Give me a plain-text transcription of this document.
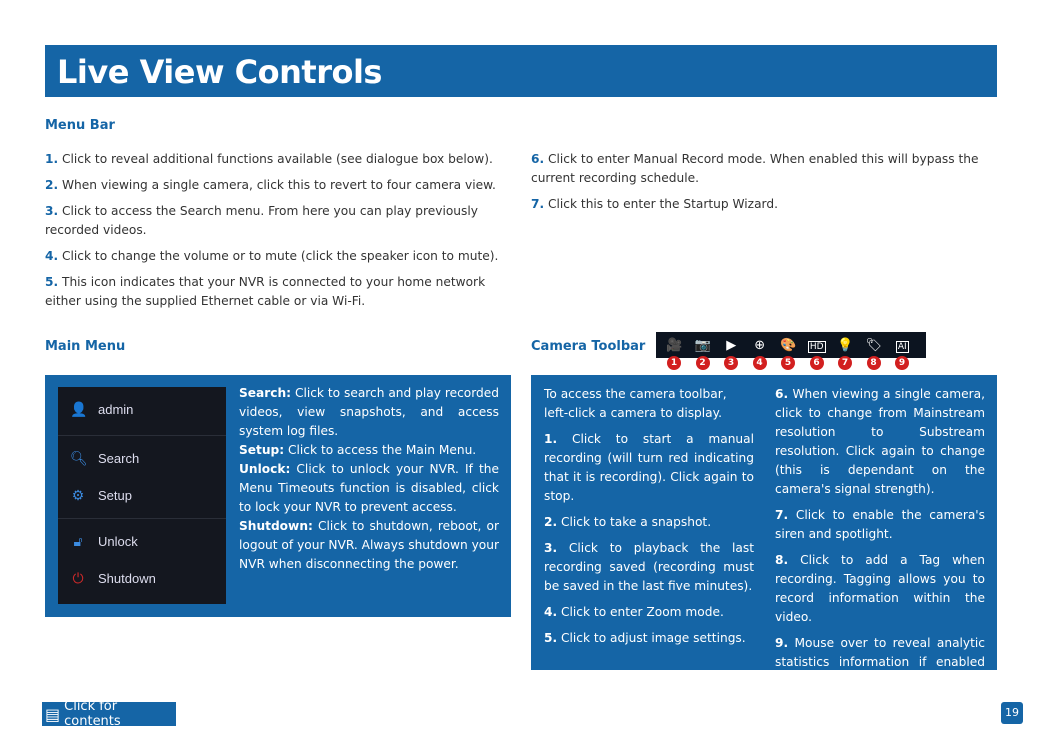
Live View Controls
Menu Bar
1. Click to reveal additional functions available (see dialogue box below).
2. When viewing a single camera, click this to revert to four camera view.
3. Click to access the Search menu. From here you can play previously recorded videos.
4. Click to change the volume or to mute (click the speaker icon to mute).
5. This icon indicates that your NVR is connected to your home network either using the supplied Ethernet cable or via Wi-Fi.
6. Click to enter Manual Record mode. When enabled this will bypass the current recording schedule.
7. Click this to enter the Startup Wizard.
Main Menu
👤 admin
🔍︎ Search
⚙ Setup
🔓︎ Unlock
⏻ Shutdown
Search: Click to search and play recorded videos, view snapshots, and access system log files.
Setup: Click to access the Main Menu.
Unlock: Click to unlock your NVR. If the Menu Timeouts function is disabled, click to lock your NVR to prevent access.
Shutdown: Click to shutdown, reboot, or logout of your NVR. Always shutdown your NVR when disconnecting the power.
Camera Toolbar	🎥
1
📷
2
▶
3
⊕
4
🎨
5
HD
6
💡
7
🏷
8
AI
9
To access the camera toolbar, left-click a camera to display.
1. Click to start a manual recording (will turn red indicating that it is recording). Click again to stop.
2. Click to take a snapshot.
3. Click to playback the last recording saved (recording must be saved in the last five minutes).
4. Click to enter Zoom mode.
5. Click to adjust image settings.
6. When viewing a single camera, click to change from Mainstream resolution to Substream resolution. Click again to change (this is dependant on the camera's signal strength).
7. Click to enable the camera's siren and spotlight.
8. Click to add a Tag when recording. Tagging allows you to record information within the video.
9. Mouse over to reveal analytic statistics information if enabled (NVW800 camera only).
▤ Click for contents
19
